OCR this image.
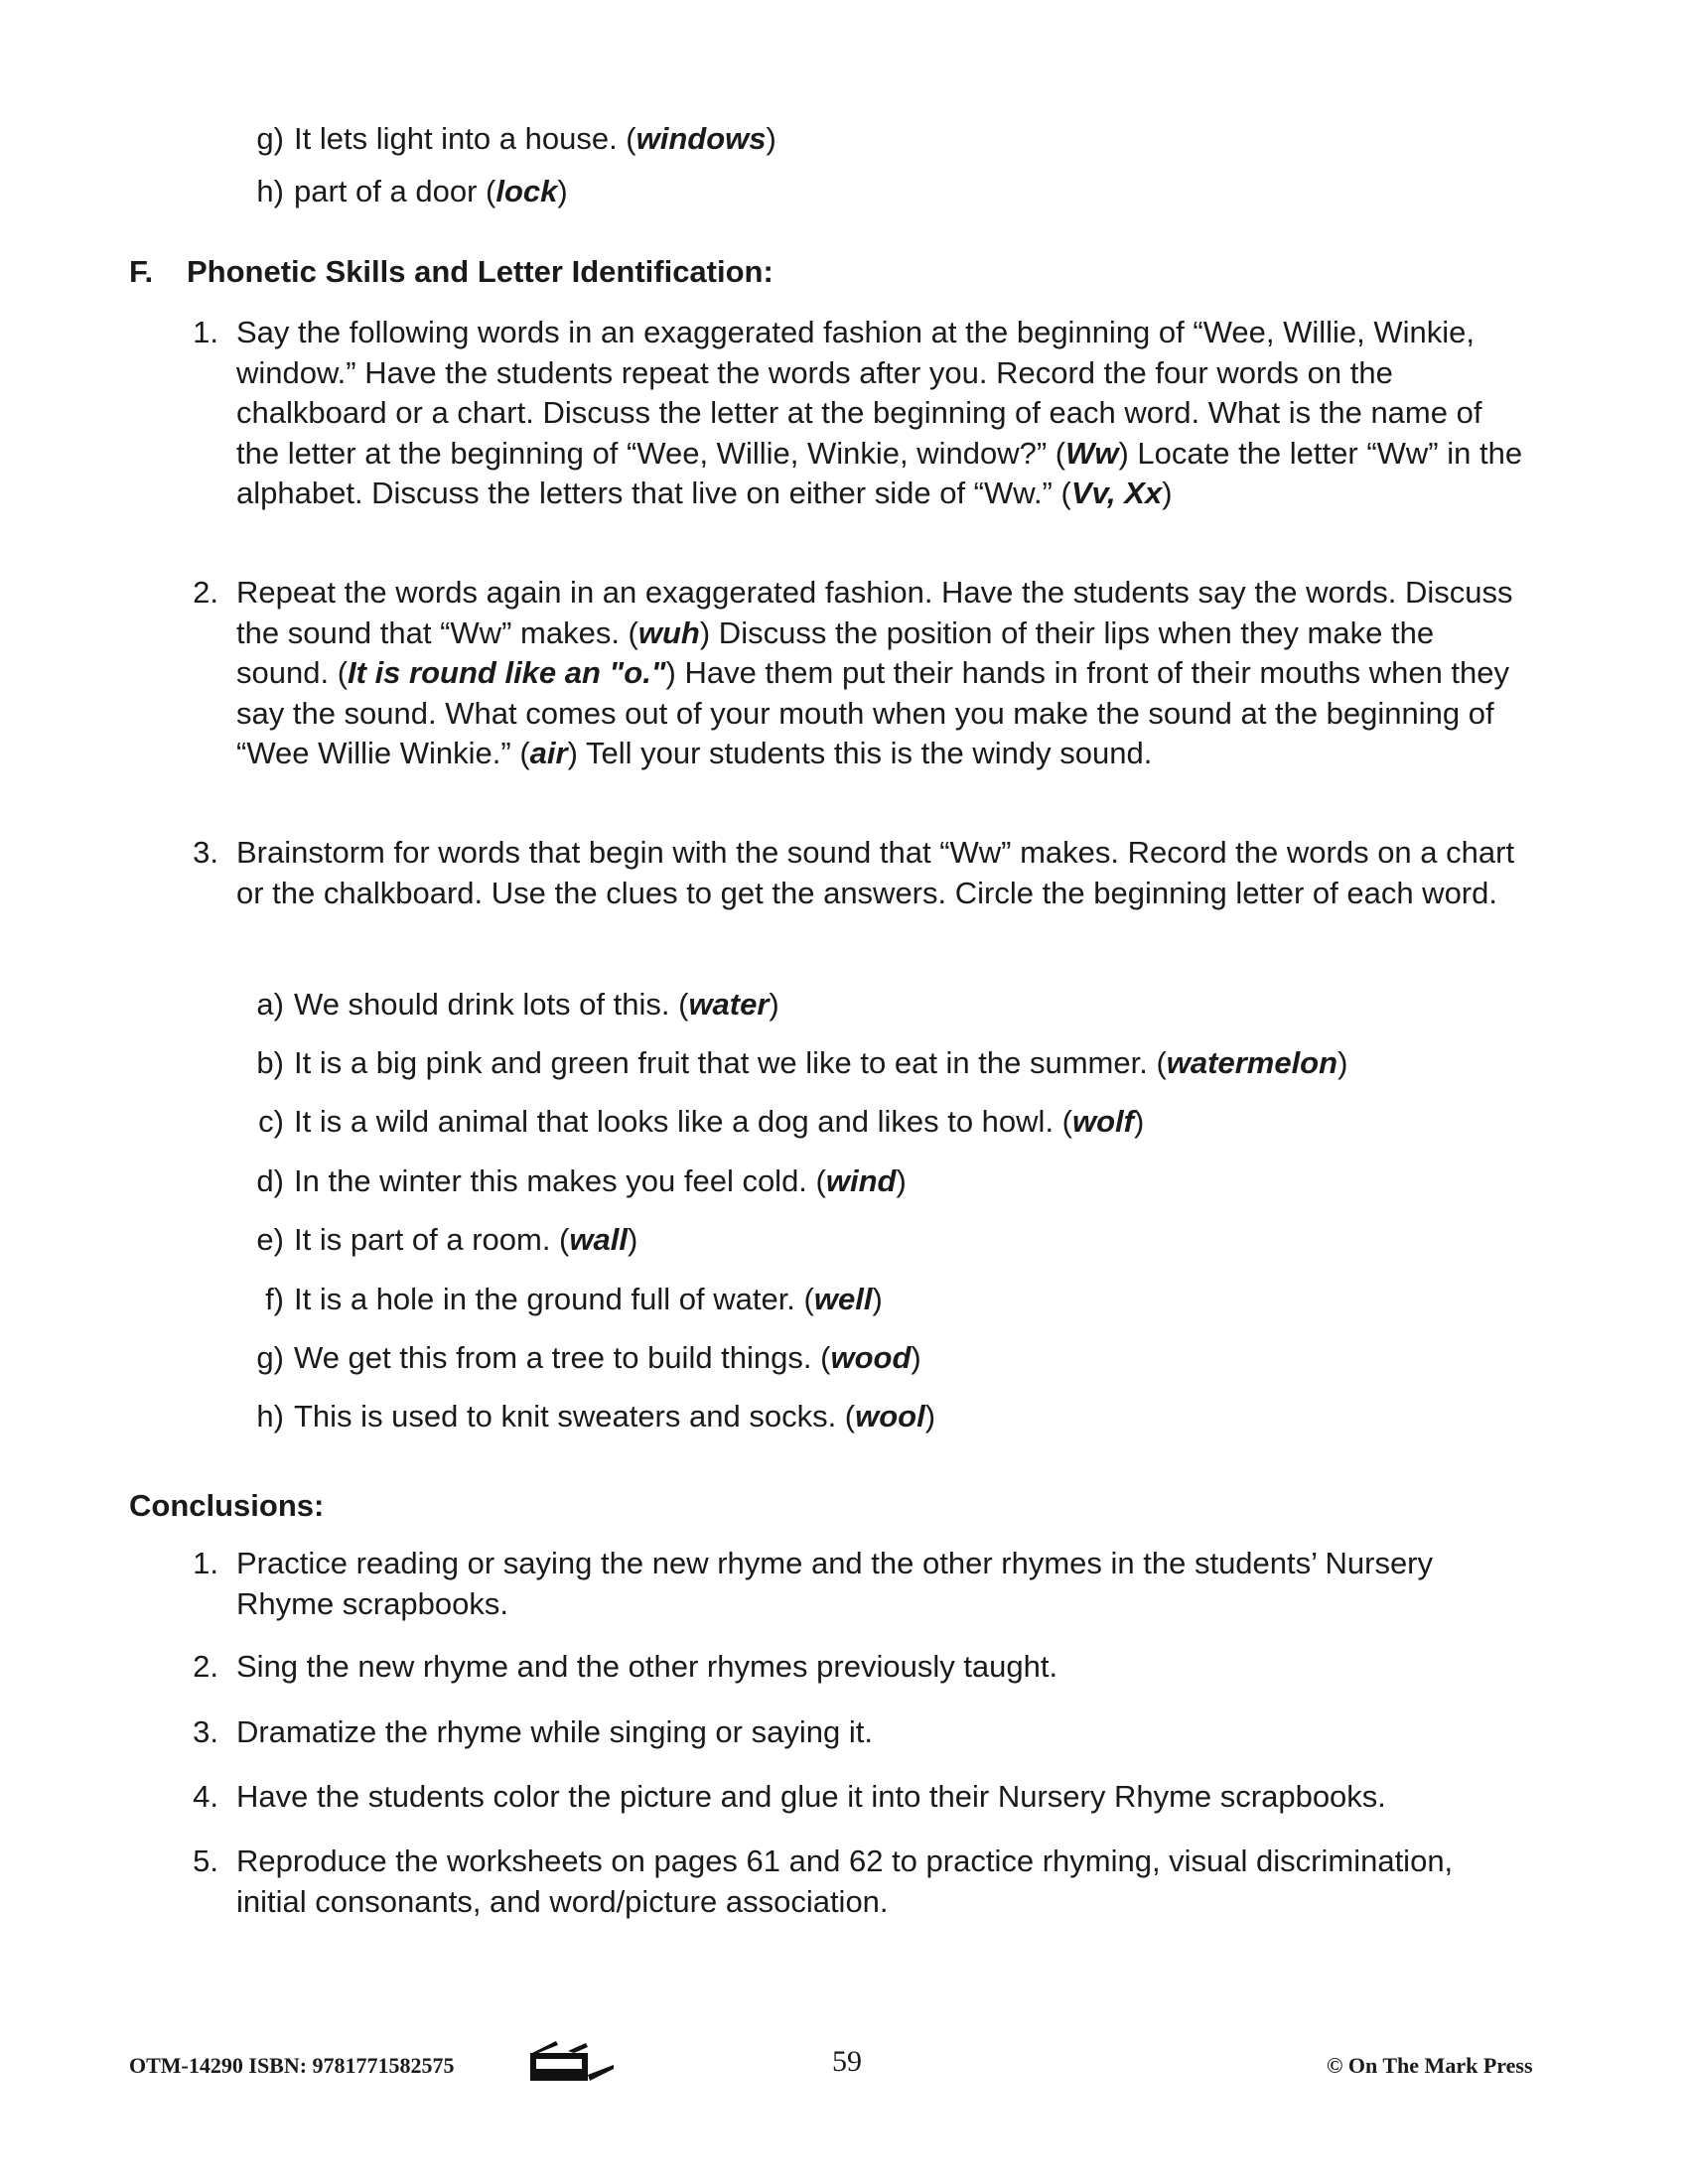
g) It lets light into a house. (windows)
h) part of a door (lock)
F. Phonetic Skills and Letter Identification:
1. Say the following words in an exaggerated fashion at the beginning of “Wee, Willie, Winkie, window.” Have the students repeat the words after you. Record the four words on the chalkboard or a chart. Discuss the letter at the beginning of each word. What is the name of the letter at the beginning of “Wee, Willie, Winkie, window?” (Ww) Locate the letter “Ww” in the alphabet. Discuss the letters that live on either side of “Ww.” (Vv, Xx)
2. Repeat the words again in an exaggerated fashion. Have the students say the words. Discuss the sound that “Ww” makes. (wuh) Discuss the position of their lips when they make the sound. (It is round like an "o.") Have them put their hands in front of their mouths when they say the sound. What comes out of your mouth when you make the sound at the beginning of “Wee Willie Winkie.” (air) Tell your students this is the windy sound.
3. Brainstorm for words that begin with the sound that “Ww” makes. Record the words on a chart or the chalkboard. Use the clues to get the answers. Circle the beginning letter of each word.
a) We should drink lots of this. (water)
b) It is a big pink and green fruit that we like to eat in the summer. (watermelon)
c) It is a wild animal that looks like a dog and likes to howl. (wolf)
d) In the winter this makes you feel cold. (wind)
e) It is part of a room. (wall)
f) It is a hole in the ground full of water. (well)
g) We get this from a tree to build things. (wood)
h) This is used to knit sweaters and socks. (wool)
Conclusions:
1. Practice reading or saying the new rhyme and the other rhymes in the students’ Nursery Rhyme scrapbooks.
2. Sing the new rhyme and the other rhymes previously taught.
3. Dramatize the rhyme while singing or saying it.
4. Have the students color the picture and glue it into their Nursery Rhyme scrapbooks.
5. Reproduce the worksheets on pages 61 and 62 to practice rhyming, visual discrimination, initial consonants, and word/picture association.
OTM-14290 ISBN: 9781771582575	59	© On The Mark Press
